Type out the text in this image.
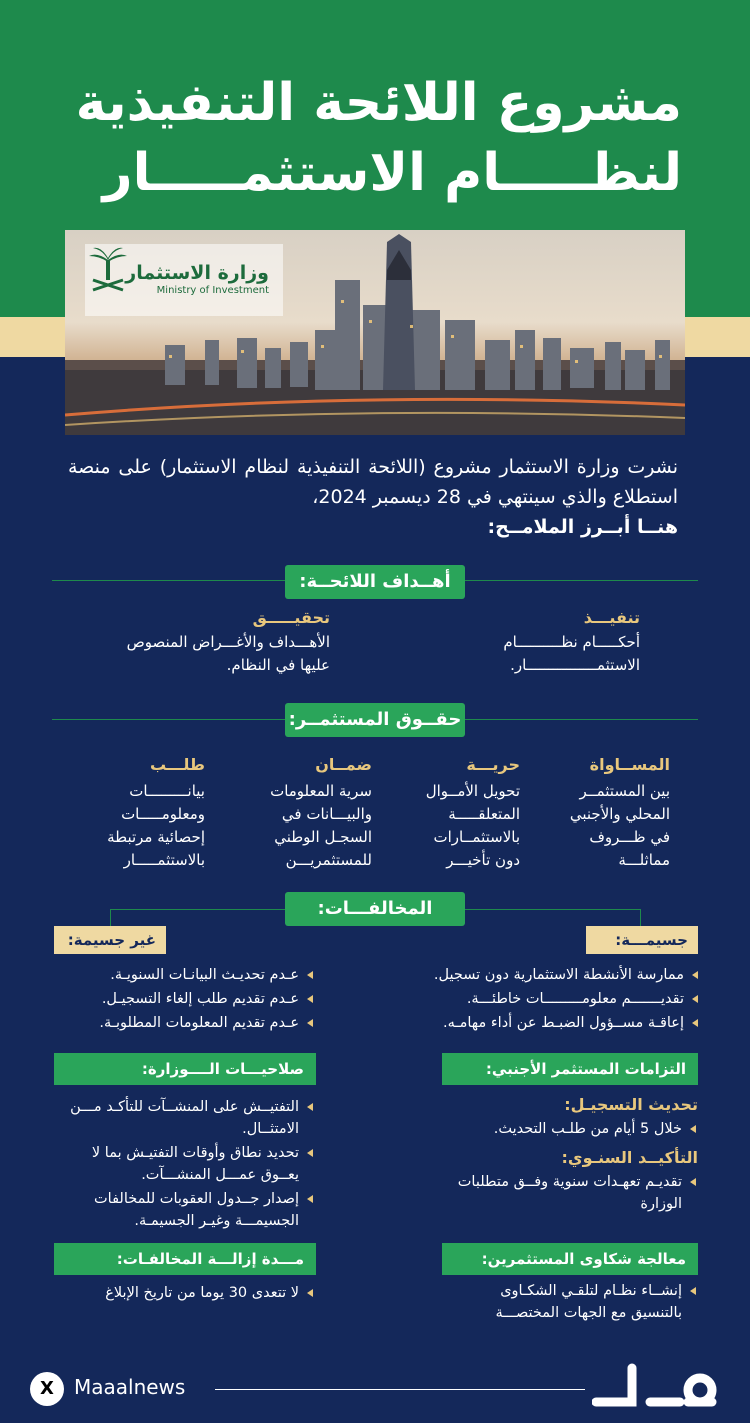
مشروع اللائحة التنفيذية
لنظـــــام الاستثمـــــار
وزارة الاستثمار
Ministry of Investment
نشرت وزارة الاستثمار مشروع (اللائحة التنفيذية لنظام الاستثمار) على منصة استطلاع والذي سينتهي في 28 ديسمبر 2024،
هنــا أبــرز الملامــح:
أهــداف اللائحــة:
تنفيـــذ
أحكـــــام نظــــــــــام الاستثمــــــــــــــــار.
تحقيـــــق
الأهـــداف والأغـــراض المنصوص عليها في النظام.
حقــوق المستثمــر:
المســاواة
بين المستثمــر المحلي والأجنبي في ظـــروف مماثلـــة
حريـــة
تحويل الأمــوال المتعلقـــــة بالاستثمــارات دون تأخيـــر
ضمــان
سرية المعلومات والبيـــانات في السجـل الوطني للمستثمريـــن
طلـــب
بيانـــــــــات ومعلومـــــات إحصائية مرتبطة بالاستثمـــــار
المخالفـــات:
جسيمـــة:
غير جسيمة:
ممارسة الأنشطة الاستثمارية دون تسجيل.
تقديـــــــم معلومـــــــــات خاطئـــة.
إعاقـة مســؤول الضبـط عن أداء مهامـه.
عـدم تحديـث البيانـات السنويـة.
عـدم تقديم طلب إلغاء التسجيـل.
عـدم تقديم المعلومات المطلوبـة.
التزامات المستثمر الأجنبي:
تحديث التسجيـل:
خلال 5 أيام من طلـب التحديث.
التأكيــد السنـوي:
تقديـم تعهـدات سنوية وفــق متطلبات الوزارة
صلاحيـــات الــــوزارة:
التفتيــش على المنشــآت للتأكـد مـــن الامتثــال.
تحديد نطاق وأوقات التفتيـش بما لا يعــوق عمـــل المنشـــآت.
إصدار جــدول العقوبات للمخالفات الجسيمـــة وغيـر الجسيمـة.
معالجة شكاوى المستثمرين:
إنشــاء نظـام لتلقـي الشكـاوى بالتنسيق مع الجهات المختصـــة
مـــدة إزالـــة المخالفـات:
لا تتعدى 30 يوما من تاريخ الإبلاغ
X	Maaalnews
